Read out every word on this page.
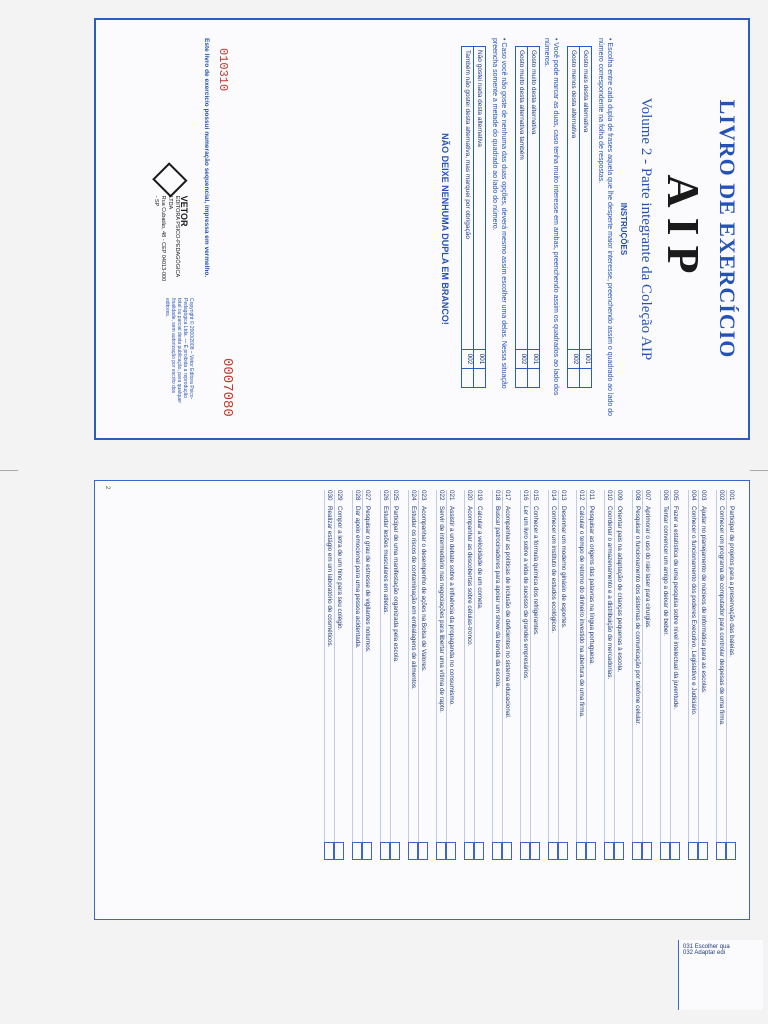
LIVRO DE EXERCÍCIO
AIP
Volume 2 - Parte integrante da Coleção AIP
INSTRUÇÕES
• Escolha entre cada dupla de frases aquela que lhe desperte maior interesse, preenchendo assim o quadrado ao lado do número correspondente na folha de respostas.
Gosto mais desta alternativa
001
Gosto menos desta alternativa
002
• Você pode marcar as duas, caso tenha muito interesse em ambas, preenchendo assim os quadrados ao lado dos números.
Gosto muito desta alternativa
001
Gosto muito desta alternativa também
002
• Caso você não goste de nenhuma das duas opções, deverá mesmo assim escolher uma delas. Nessa situação preencha somente a metade do quadrado ao lado do número.
Não gostei nada desta alternativa
001
Também não gostei desta alternativa, mas marquei por obrigação
002
NÃO DEIXE NENHUMA DUPLA EM BRANCO!
Este livro de exercício possui numeração sequencial, impressa em vermelho. 010310
0007080
VETOR
EDITORA PSICO-PEDAGÓGICA LTDA
Rua Cubatão, 48 - CEP 04013-000 - SP
Copyright © 2000/2008 – Vetor Editora Psico-Pedagógica Ltda. — É proibida a reprodução total ou parcial desta publicação, para qualquer finalidade, sem autorização por escrito dos editores.
001
Participar de projetos para a preservação das baleias.
002
Conhecer um programa de computador para controlar despesas de uma firma.
003
Ajudar no planejamento de núcleos de informática para as escolas.
004
Conhecer o funcionamento dos poderes Executivo, Legislativo e Judiciário.
005
Fazer a estatística de uma pesquisa sobre nível intelectual da juventude.
006
Tentar convencer um amigo a deixar de beber.
007
Aprimorar o uso do raio laser para cirurgias.
008
Pesquisar o funcionamento dos sistemas de comunicação por telefone celular.
009
Orientar pais na adaptação de crianças pequenas à escola.
010
Coordenar o armazenamento e a distribuição de mercadorias.
011
Pesquisar as origens das palavras na língua portuguesa.
012
Calcular o tempo de retorno do dinheiro investido na abertura de uma firma.
013
Desenhar um moderno ginásio de esportes.
014
Conhecer um instituto de estudos ecológicos.
015
Conhecer a fórmula química dos refrigerantes.
016
Ler um livro sobre a vida de sucesso de grandes empresários.
017
Acompanhar as políticas de inclusão de deficientes no sistema educacional.
018
Buscar patrocinadores para apoiar um show da banda da escola.
019
Calcular a velocidade de um cometa.
020
Acompanhar as descobertas sobre células-tronco.
021
Assistir a um debate sobre a influência da propaganda no consumismo.
022
Servir de intermediário nas negociações para libertar uma vítima de rapto.
023
Acompanhar o desempenho de ações na Bolsa de Valores.
024
Estudar os riscos de contaminação em embalagens de alimentos.
025
Participar de uma manifestação organizada pela escola.
026
Estudar lesões musculares em atletas.
027
Pesquisar o grau de estresse de vigilantes noturnos.
028
Dar apoio emocional para uma pessoa acidentada.
029
Compor a letra de um hino para seu colégio.
030
Realizar estágio em um laboratório de cosméticos.
2
031 Escolher qua
032 Adaptar edi
